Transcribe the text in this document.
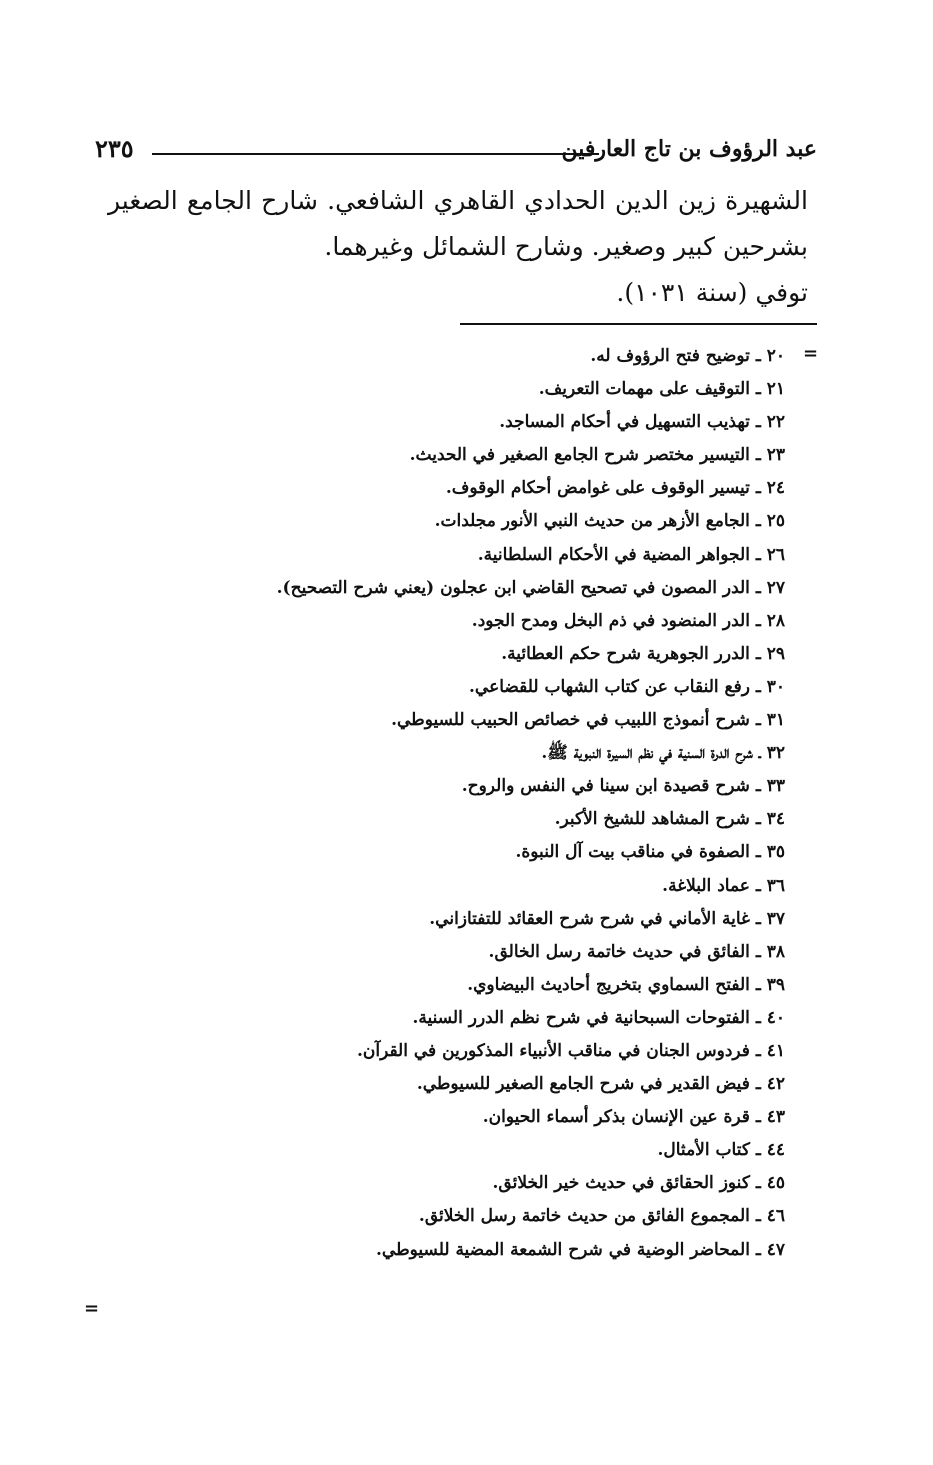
عبد الرؤوف بن تاج العارفين
٢٣٥
الشهيرة زين الدين الحدادي القاهري الشافعي. شارح الجامع الصغير
بشرحين كبير وصغير. وشارح الشمائل وغيرهما.
توفي (سنة ١٠٣١).
=
٢٠ ـ توضيح فتح الرؤوف له.
٢١ ـ التوقيف على مهمات التعريف.
٢٢ ـ تهذيب التسهيل في أحكام المساجد.
٢٣ ـ التيسير مختصر شرح الجامع الصغير في الحديث.
٢٤ ـ تيسير الوقوف على غوامض أحكام الوقوف.
٢٥ ـ الجامع الأزهر من حديث النبي الأنور مجلدات.
٢٦ ـ الجواهر المضية في الأحكام السلطانية.
٢٧ ـ الدر المصون في تصحيح القاضي ابن عجلون (يعني شرح التصحيح).
٢٨ ـ الدر المنضود في ذم البخل ومدح الجود.
٢٩ ـ الدرر الجوهرية شرح حكم العطائية.
٣٠ ـ رفع النقاب عن كتاب الشهاب للقضاعي.
٣١ ـ شرح أنموذج اللبيب في خصائص الحبيب للسيوطي.
٣٢ ـ شرح الدرة السنية في نظم السيرة النبوية ﷺ.
٣٣ ـ شرح قصيدة ابن سينا في النفس والروح.
٣٤ ـ شرح المشاهد للشيخ الأكبر.
٣٥ ـ الصفوة في مناقب بيت آل النبوة.
٣٦ ـ عماد البلاغة.
٣٧ ـ غاية الأماني في شرح شرح العقائد للتفتازاني.
٣٨ ـ الفائق في حديث خاتمة رسل الخالق.
٣٩ ـ الفتح السماوي بتخريج أحاديث البيضاوي.
٤٠ ـ الفتوحات السبحانية في شرح نظم الدرر السنية.
٤١ ـ فردوس الجنان في مناقب الأنبياء المذكورين في القرآن.
٤٢ ـ فيض القدير في شرح الجامع الصغير للسيوطي.
٤٣ ـ قرة عين الإنسان بذكر أسماء الحيوان.
٤٤ ـ كتاب الأمثال.
٤٥ ـ كنوز الحقائق في حديث خير الخلائق.
٤٦ ـ المجموع الفائق من حديث خاتمة رسل الخلائق.
٤٧ ـ المحاضر الوضية في شرح الشمعة المضية للسيوطي.
=
